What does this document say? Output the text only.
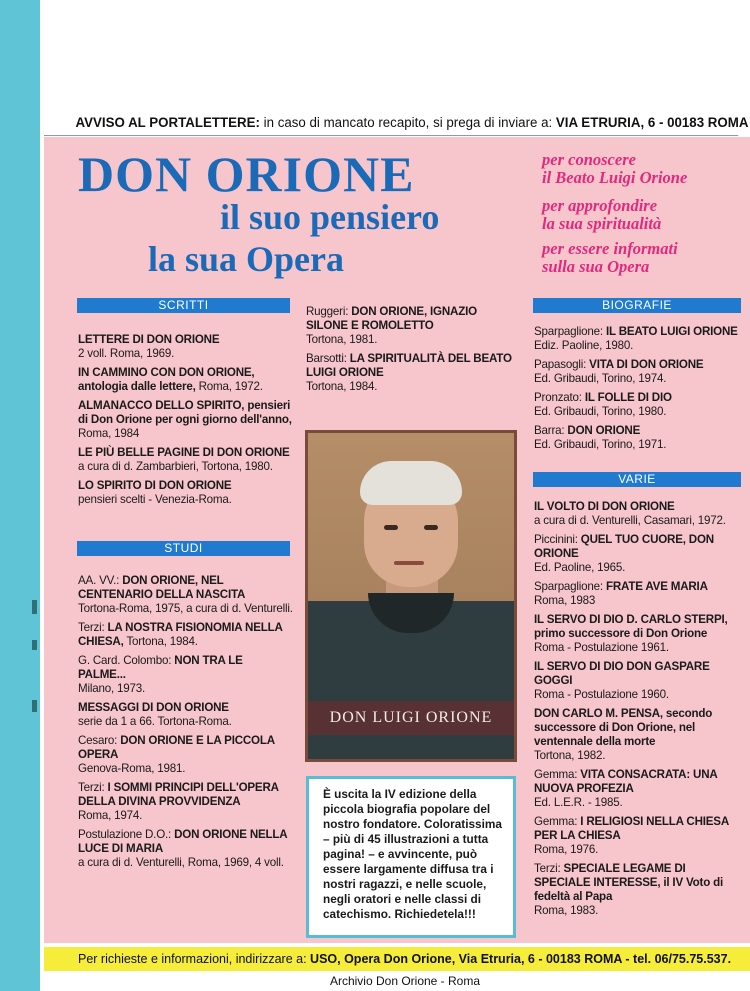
AVVISO AL PORTALETTERE: in caso di mancato recapito, si prega di inviare a: VIA ETRURIA, 6 - 00183 ROMA
DON ORIONE
il suo pensiero
la sua Opera
per conoscere
il Beato Luigi Orione
per approfondire
la sua spiritualità
per essere informati
sulla sua Opera
SCRITTI
STUDI
BIOGRAFIE
VARIE
LETTERE DI DON ORIONE
2 voll. Roma, 1969.
IN CAMMINO CON DON ORIONE, antologia dalle lettere, Roma, 1972.
ALMANACCO DELLO SPIRITO, pensieri di Don Orione per ogni giorno dell'anno, Roma, 1984
LE PIÙ BELLE PAGINE DI DON ORIONE
a cura di d. Zambarbieri, Tortona, 1980.
LO SPIRITO DI DON ORIONE
pensieri scelti - Venezia-Roma.
AA. VV.: DON ORIONE, NEL CENTENARIO DELLA NASCITA
Tortona-Roma, 1975, a cura di d. Venturelli.
Terzi: LA NOSTRA FISIONOMIA NELLA CHIESA, Tortona, 1984.
G. Card. Colombo: NON TRA LE PALME...
Milano, 1973.
MESSAGGI DI DON ORIONE
serie da 1 a 66. Tortona-Roma.
Cesaro: DON ORIONE E LA PICCOLA OPERA
Genova-Roma, 1981.
Terzi: I SOMMI PRINCIPI DELL'OPERA DELLA DIVINA PROVVIDENZA
Roma, 1974.
Postulazione D.O.: DON ORIONE NELLA LUCE DI MARIA
a cura di d. Venturelli, Roma, 1969, 4 voll.
Ruggeri: DON ORIONE, IGNAZIO SILONE E ROMOLETTO
Tortona, 1981.
Barsotti: LA SPIRITUALITÀ DEL BEATO LUIGI ORIONE
Tortona, 1984.
Sparpaglione: IL BEATO LUIGI ORIONE
Ediz. Paoline, 1980.
Papasogli: VITA DI DON ORIONE
Ed. Gribaudi, Torino, 1974.
Pronzato: IL FOLLE DI DIO
Ed. Gribaudi, Torino, 1980.
Barra: DON ORIONE
Ed. Gribaudi, Torino, 1971.
IL VOLTO DI DON ORIONE
a cura di d. Venturelli, Casamari, 1972.
Piccinini: QUEL TUO CUORE, DON ORIONE
Ed. Paoline, 1965.
Sparpaglione: FRATE AVE MARIA
Roma, 1983
IL SERVO DI DIO D. CARLO STERPI, primo successore di Don Orione
Roma - Postulazione 1961.
IL SERVO DI DIO DON GASPARE GOGGI
Roma - Postulazione 1960.
DON CARLO M. PENSA, secondo successore di Don Orione, nel ventennale della morte
Tortona, 1982.
Gemma: VITA CONSACRATA: UNA NUOVA PROFEZIA
Ed. L.E.R. - 1985.
Gemma: I RELIGIOSI NELLA CHIESA PER LA CHIESA
Roma, 1976.
Terzi: SPECIALE LEGAME DI SPECIALE INTERESSE, il IV Voto di fedeltà al Papa
Roma, 1983.
DON LUIGI ORIONE
È uscita la IV edizione della piccola biografia popolare del nostro fondatore. Coloratissima – più di 45 illustrazioni a tutta pagina! – e avvincente, può essere largamente diffusa tra i nostri ragazzi, e nelle scuole, negli oratori e nelle classi di catechismo. Richiedetela!!!
Per richieste e informazioni, indirizzare a: USO, Opera Don Orione, Via Etruria, 6 - 00183 ROMA - tel. 06/75.75.537.
Archivio Don Orione - Roma
